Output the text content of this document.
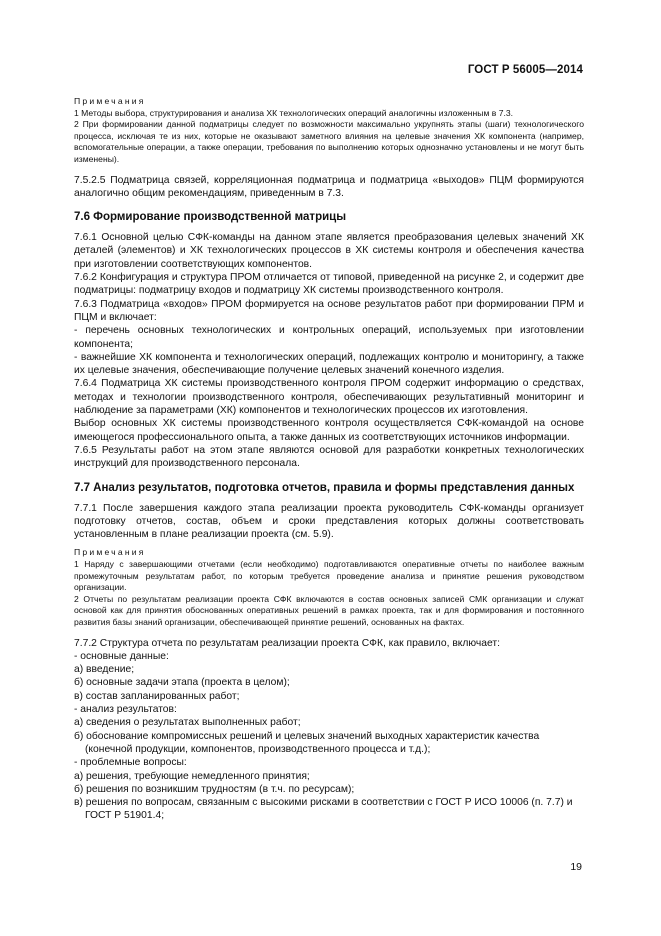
ГОСТ Р 56005—2014

Примечания

1 Методы выбора, структурирования и анализа ХК технологических операций аналогичны изложенным в 7.3.

2 При формировании данной подматрицы следует по возможности максимально укрупнять этапы (шаги) технологического процесса, исключая те из них, которые не оказывают заметного влияния на целевые значения ХК компонента (например, вспомогательные операции, а также операции, требования по выполнению которых однозначно установлены и не могут быть изменены).

7.5.2.5 Подматрица связей, корреляционная подматрица и подматрица «выходов» ПЦМ формируются аналогично общим рекомендациям, приведенным в 7.3.

7.6 Формирование производственной матрицы

7.6.1 Основной целью СФК-команды на данном этапе является преобразования целевых значений ХК деталей (элементов) и ХК технологических процессов в ХК системы контроля и обеспечения качества при изготовлении соответствующих компонентов.

7.6.2 Конфигурация и структура ПРОМ отличается от типовой, приведенной на рисунке 2, и содержит две подматрицы: подматрицу входов и подматрицу ХК системы производственного контроля.

7.6.3 Подматрица «входов» ПРОМ формируется на основе результатов работ при формировании ПРМ и ПЦМ и включает:

- перечень основных технологических и контрольных операций, используемых при изготовлении компонента;

- важнейшие ХК компонента и технологических операций, подлежащих контролю и мониторингу, а также их целевые значения, обеспечивающие получение целевых значений конечного изделия.

7.6.4 Подматрица ХК системы производственного контроля ПРОМ содержит информацию о средствах, методах и технологии производственного контроля, обеспечивающих результативный мониторинг и наблюдение за параметрами (ХК) компонентов и технологических процессов их изготовления.

Выбор основных ХК системы производственного контроля осуществляется СФК-командой на основе имеющегося профессионального опыта, а также данных из соответствующих источников информации.

7.6.5 Результаты работ на этом этапе являются основой для разработки конкретных технологических инструкций для производственного персонала.

7.7 Анализ результатов, подготовка отчетов, правила и формы представления данных

7.7.1 После завершения каждого этапа реализации проекта руководитель СФК-команды организует подготовку отчетов, состав, объем и сроки представления которых должны соответствовать установленным в плане реализации проекта (см. 5.9).

Примечания

1 Наряду с завершающими отчетами (если необходимо) подготавливаются оперативные отчеты по наиболее важным промежуточным результатам работ, по которым требуется проведение анализа и принятие решения руководством организации.

2 Отчеты по результатам реализации проекта СФК включаются в состав основных записей СМК организации и служат основой как для принятия обоснованных оперативных решений в рамках проекта, так и для формирования и постоянного развития базы знаний организации, обеспечивающей принятие решений, основанных на фактах.

7.7.2 Структура отчета по результатам реализации проекта СФК, как правило, включает:

- основные данные:

а) введение;

б) основные задачи этапа (проекта в целом);

в) состав запланированных работ;

- анализ результатов:

а) сведения о результатах выполненных работ;

б) обоснование компромиссных решений и целевых значений выходных характеристик качества (конечной продукции, компонентов, производственного процесса и т.д.);

- проблемные вопросы:

а) решения, требующие немедленного принятия;

б) решения по возникшим трудностям (в т.ч. по ресурсам);

в) решения по вопросам, связанным с высокими рисками в соответствии с ГОСТ Р ИСО 10006 (п. 7.7) и ГОСТ Р 51901.4;

19
